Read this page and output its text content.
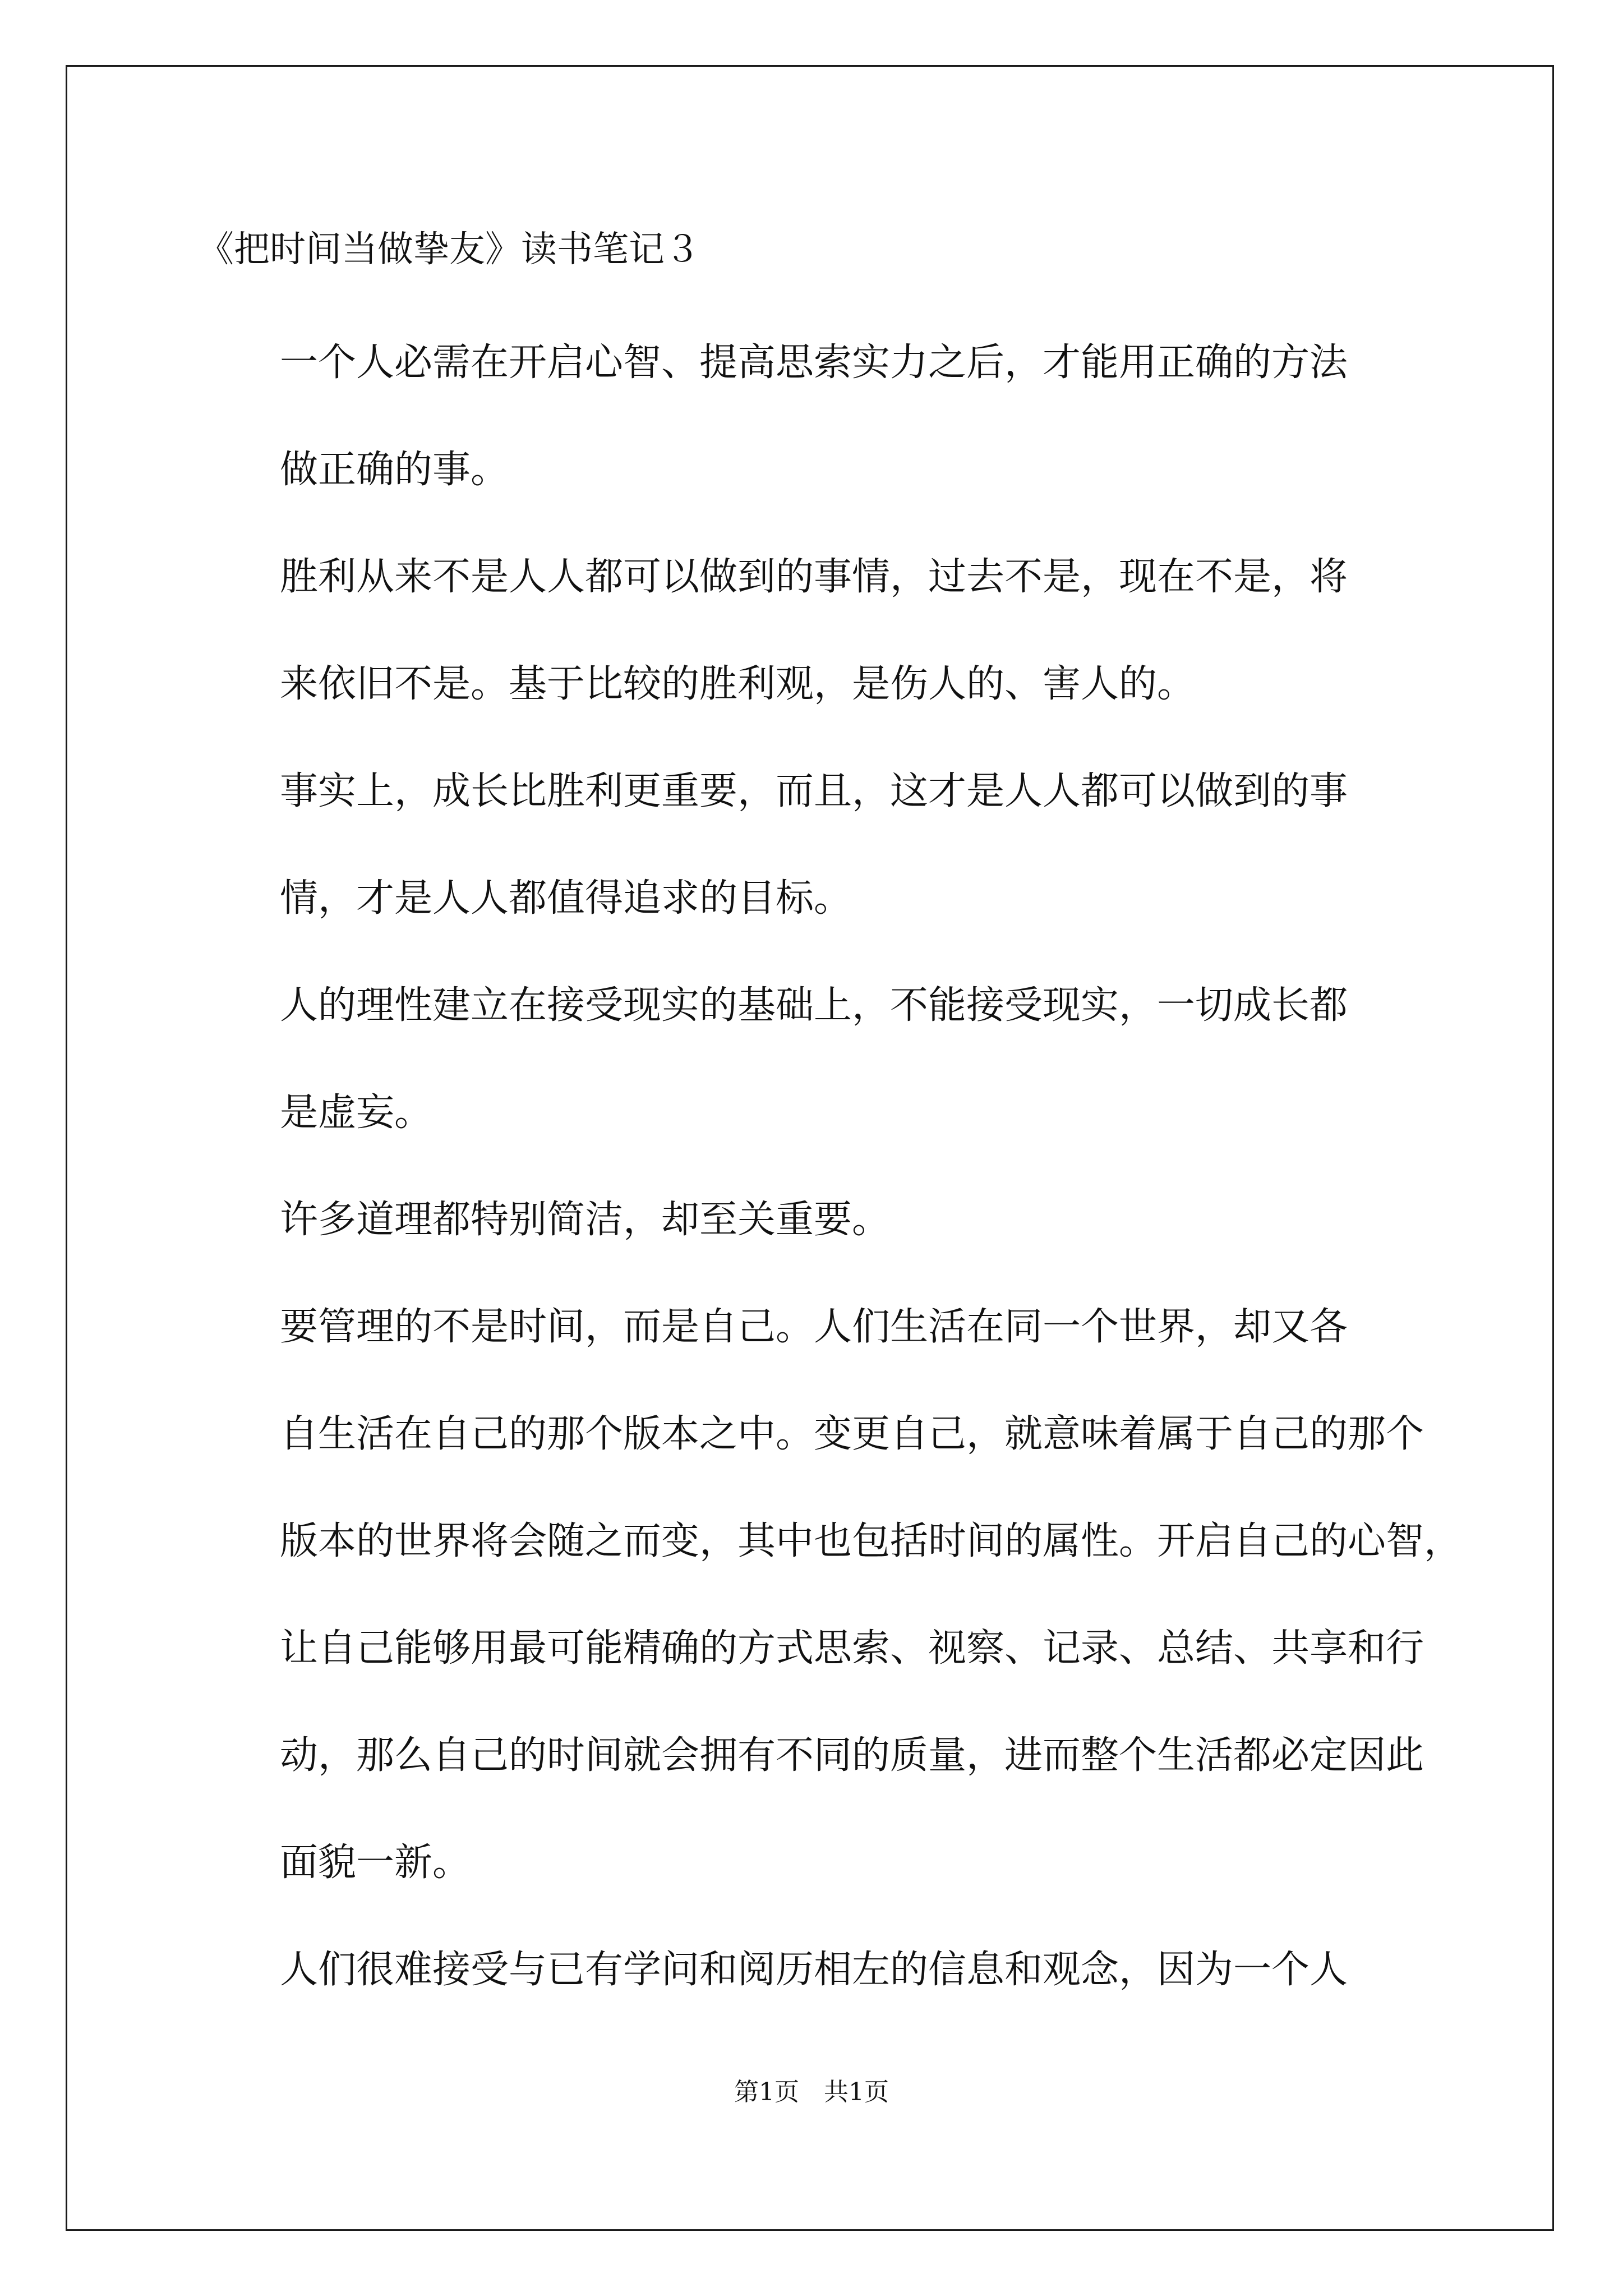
《把时间当做挚友》读书笔记３

一个人必需在开启心智、提高思索实力之后，才能用正确的方法
做正确的事。

胜利从来不是人人都可以做到的事情，过去不是，现在不是，将
来依旧不是。基于比较的胜利观，是伤人的、害人的。

事实上，成长比胜利更重要，而且，这才是人人都可以做到的事
情，才是人人都值得追求的目标。

人的理性建立在接受现实的基础上，不能接受现实，一切成长都
是虚妄。

许多道理都特别简洁，却至关重要。

要管理的不是时间，而是自己。人们生活在同一个世界，却又各
自生活在自己的那个版本之中。变更自己，就意味着属于自己的那个
版本的世界将会随之而变，其中也包括时间的属性。开启自己的心智，
让自己能够用最可能精确的方式思索、视察、记录、总结、共享和行
动，那么自己的时间就会拥有不同的质量，进而整个生活都必定因此
面貌一新。

人们很难接受与已有学问和阅历相左的信息和观念，因为一个人

第1页　共1页
